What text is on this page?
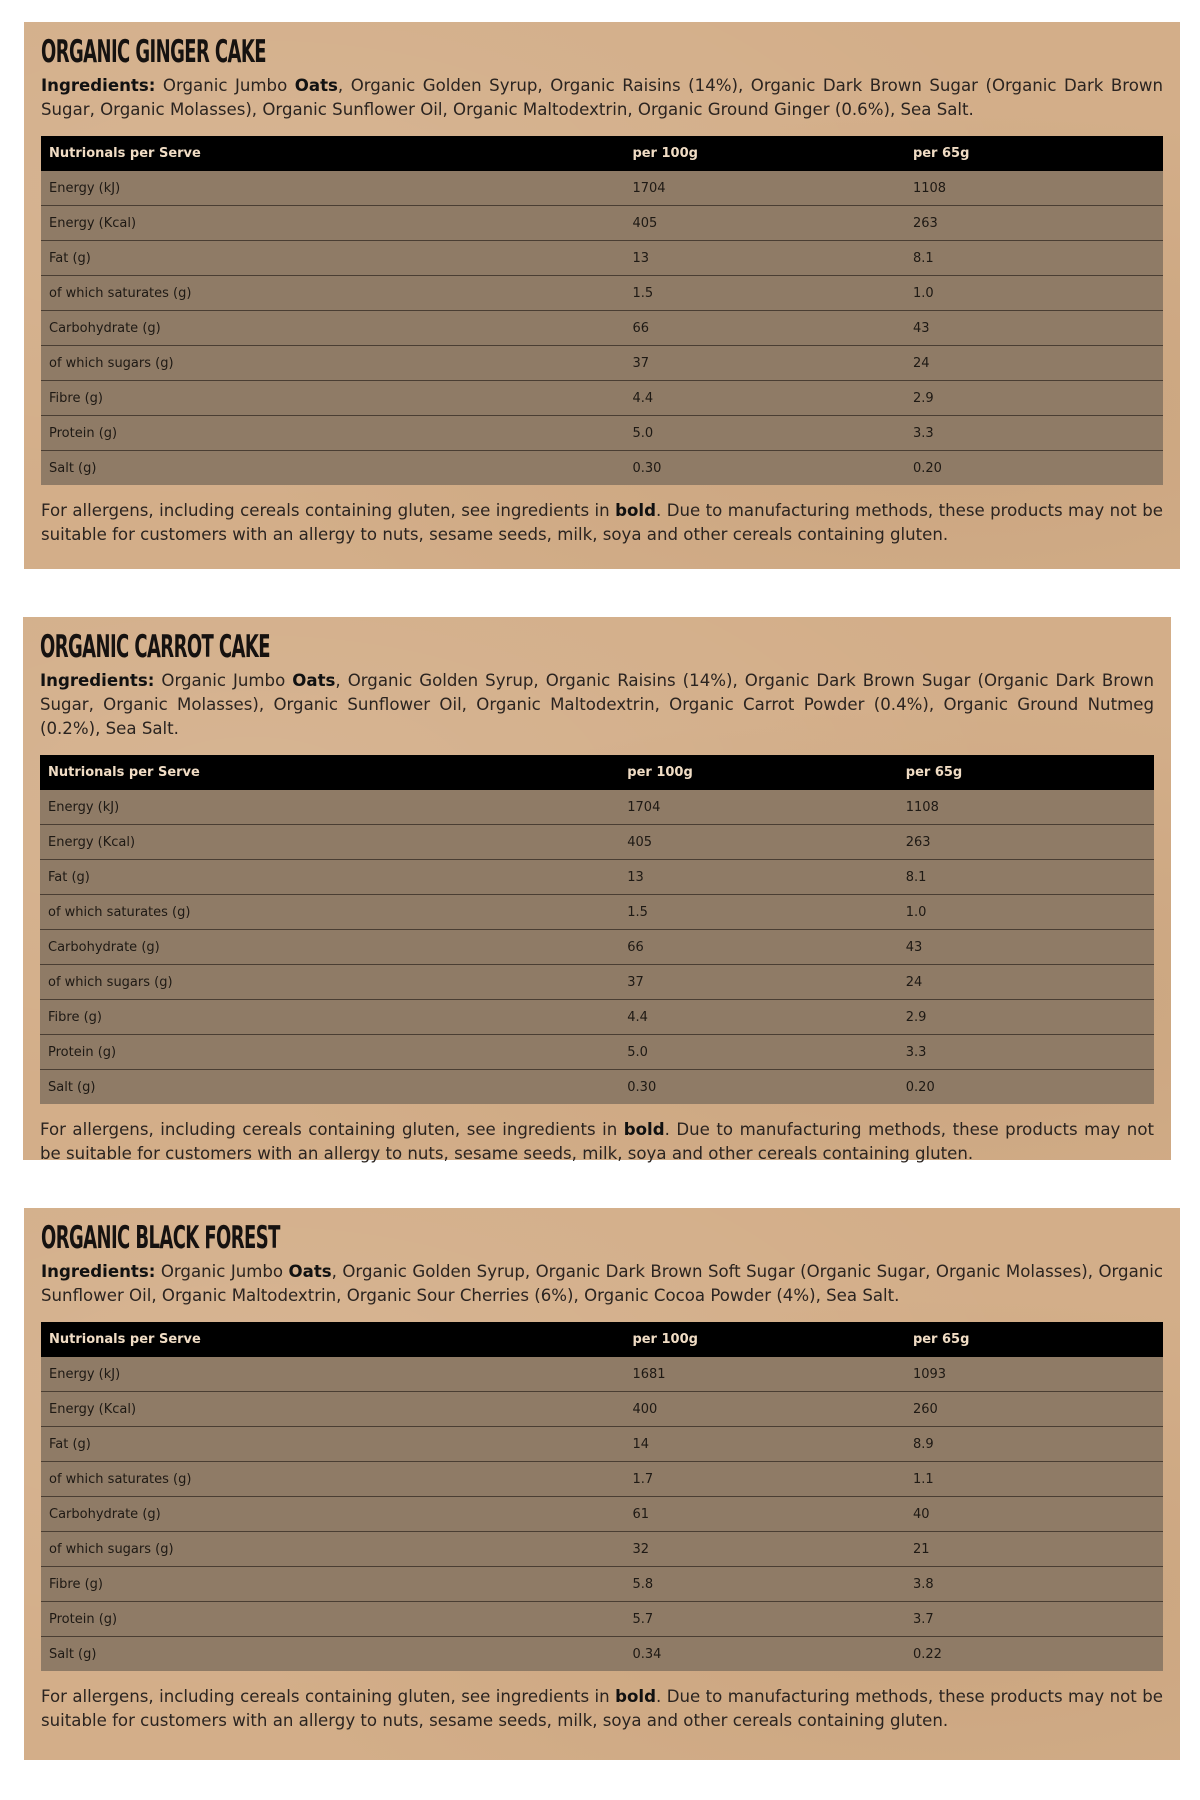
ORGANIC GINGER CAKE

Ingredients: Organic Jumbo Oats, Organic Golden Syrup, Organic Raisins (14%), Organic Dark Brown Sugar (Organic Dark Brown Sugar, Organic Molasses), Organic Sunflower Oil, Organic Maltodextrin, Organic Ground Ginger (0.6%), Sea Salt.

Nutrionals per Serve	per 100g	per 65g
Energy (kJ)	1704	1108
Energy (Kcal)	405	263
Fat (g)	13	8.1
of which saturates (g)	1.5	1.0
Carbohydrate (g)	66	43
of which sugars (g)	37	24
Fibre (g)	4.4	2.9
Protein (g)	5.0	3.3
Salt (g)	0.30	0.20

For allergens, including cereals containing gluten, see ingredients in bold. Due to manufacturing methods, these products may not be suitable for customers with an allergy to nuts, sesame seeds, milk, soya and other cereals containing gluten.

ORGANIC CARROT CAKE

Ingredients: Organic Jumbo Oats, Organic Golden Syrup, Organic Raisins (14%), Organic Dark Brown Sugar (Organic Dark Brown Sugar, Organic Molasses), Organic Sunflower Oil, Organic Maltodextrin, Organic Carrot Powder (0.4%), Organic Ground Nutmeg (0.2%), Sea Salt.

Nutrionals per Serve	per 100g	per 65g
Energy (kJ)	1704	1108
Energy (Kcal)	405	263
Fat (g)	13	8.1
of which saturates (g)	1.5	1.0
Carbohydrate (g)	66	43
of which sugars (g)	37	24
Fibre (g)	4.4	2.9
Protein (g)	5.0	3.3
Salt (g)	0.30	0.20

For allergens, including cereals containing gluten, see ingredients in bold. Due to manufacturing methods, these products may not be suitable for customers with an allergy to nuts, sesame seeds, milk, soya and other cereals containing gluten.

ORGANIC BLACK FOREST

Ingredients: Organic Jumbo Oats, Organic Golden Syrup, Organic Dark Brown Soft Sugar (Organic Sugar, Organic Molasses), Organic Sunflower Oil, Organic Maltodextrin, Organic Sour Cherries (6%), Organic Cocoa Powder (4%), Sea Salt.

Nutrionals per Serve	per 100g	per 65g
Energy (kJ)	1681	1093
Energy (Kcal)	400	260
Fat (g)	14	8.9
of which saturates (g)	1.7	1.1
Carbohydrate (g)	61	40
of which sugars (g)	32	21
Fibre (g)	5.8	3.8
Protein (g)	5.7	3.7
Salt (g)	0.34	0.22

For allergens, including cereals containing gluten, see ingredients in bold. Due to manufacturing methods, these products may not be suitable for customers with an allergy to nuts, sesame seeds, milk, soya and other cereals containing gluten.
